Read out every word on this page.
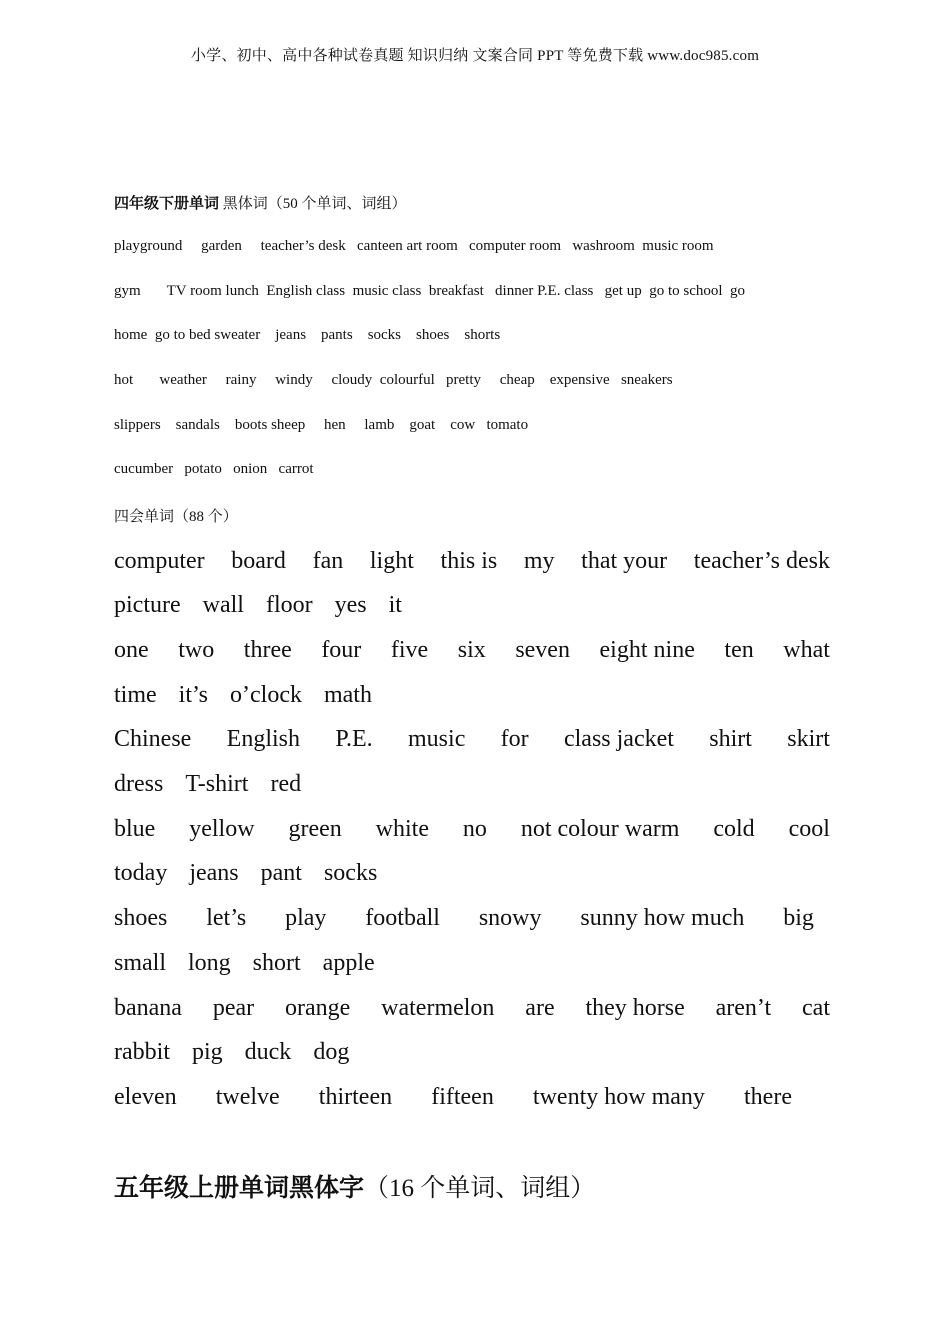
小学、初中、高中各种试卷真题 知识归纳 文案合同 PPT 等免费下载 www.doc985.com
四年级下册单词 黑体词（50 个单词、词组）
playground     garden     teacher’s desk   canteen art room   computer room   washroom  music room
gym       TV room lunch  English class  music class  breakfast   dinner P.E. class   get up  go to school  go
home  go to bed sweater    jeans    pants    socks    shoes    shorts
hot       weather     rainy     windy     cloudy  colourful   pretty     cheap    expensive   sneakers
slippers    sandals    boots sheep     hen     lamb    goat    cow   tomato
cucumber   potato   onion   carrot
四会单词（88 个）
computer board fan light this is my that your teacher’s desk
picture wall floor yes it
one two three four five six seven eight nine ten what
time it’s o’clock math
Chinese English P.E. music for class jacket shirt skirt
dress T-shirt red
blue yellow green white no not colour warm cold cool
today jeans pant socks
shoes let’s play football snowy sunny how much big
small long short apple
banana pear orange watermelon are they horse aren’t cat
rabbit pig duck dog
eleven twelve thirteen fifteen twenty how many there
五年级上册单词黑体字（16 个单词、词组）
